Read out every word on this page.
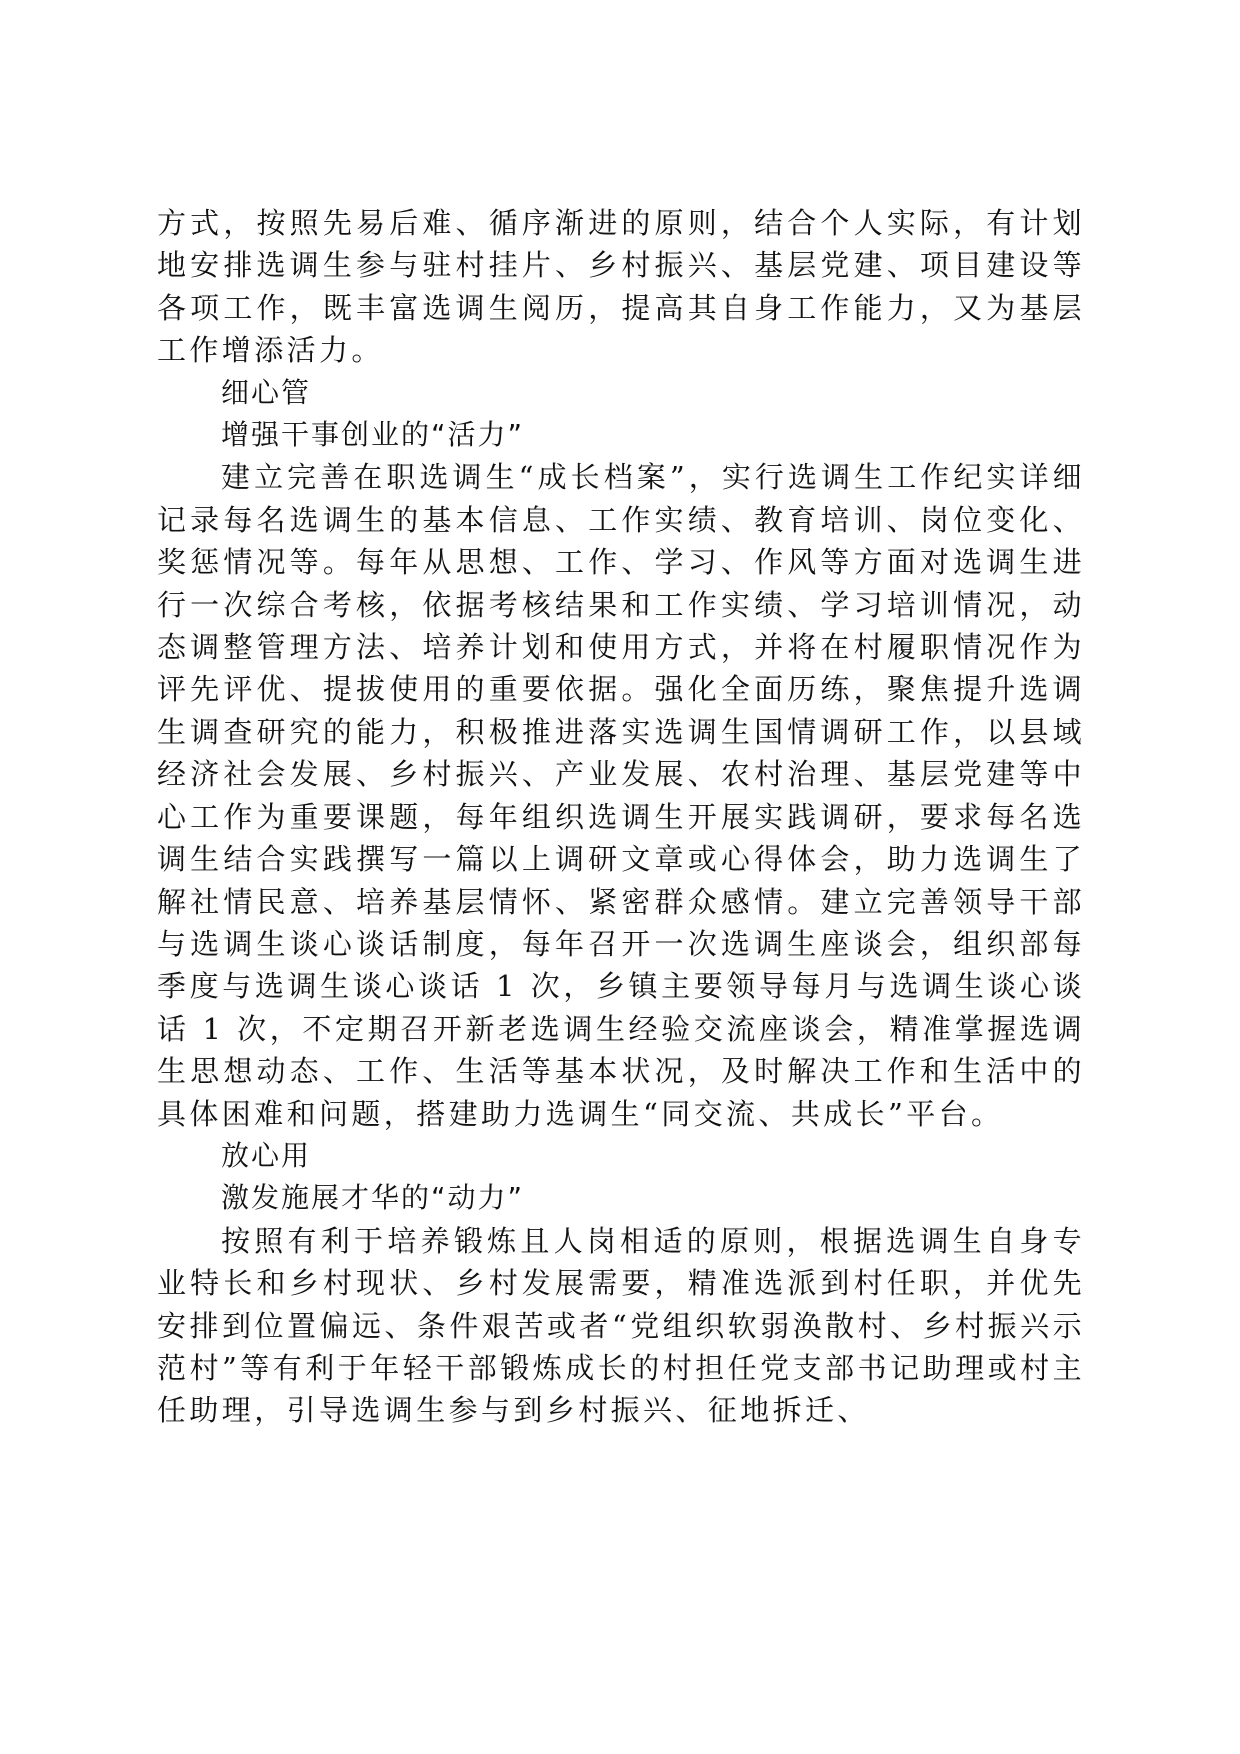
方式，按照先易后难、循序渐进的原则，结合个人实际，有计划地安排选调生参与驻村挂片、乡村振兴、基层党建、项目建设等各项工作，既丰富选调生阅历，提高其自身工作能力，又为基层工作增添活力。

细心管

增强干事创业的“活力”

建立完善在职选调生“成长档案”，实行选调生工作纪实详细记录每名选调生的基本信息、工作实绩、教育培训、岗位变化、奖惩情况等。每年从思想、工作、学习、作风等方面对选调生进行一次综合考核，依据考核结果和工作实绩、学习培训情况，动态调整管理方法、培养计划和使用方式，并将在村履职情况作为评先评优、提拔使用的重要依据。强化全面历练，聚焦提升选调生调查研究的能力，积极推进落实选调生国情调研工作，以县域经济社会发展、乡村振兴、产业发展、农村治理、基层党建等中心工作为重要课题，每年组织选调生开展实践调研，要求每名选调生结合实践撰写一篇以上调研文章或心得体会，助力选调生了解社情民意、培养基层情怀、紧密群众感情。建立完善领导干部与选调生谈心谈话制度，每年召开一次选调生座谈会，组织部每季度与选调生谈心谈话 1 次，乡镇主要领导每月与选调生谈心谈话 1 次，不定期召开新老选调生经验交流座谈会，精准掌握选调生思想动态、工作、生活等基本状况，及时解决工作和生活中的具体困难和问题，搭建助力选调生“同交流、共成长”平台。

放心用

激发施展才华的“动力”

按照有利于培养锻炼且人岗相适的原则，根据选调生自身专业特长和乡村现状、乡村发展需要，精准选派到村任职，并优先安排到位置偏远、条件艰苦或者“党组织软弱涣散村、乡村振兴示范村”等有利于年轻干部锻炼成长的村担任党支部书记助理或村主任助理，引导选调生参与到乡村振兴、征地拆迁、
